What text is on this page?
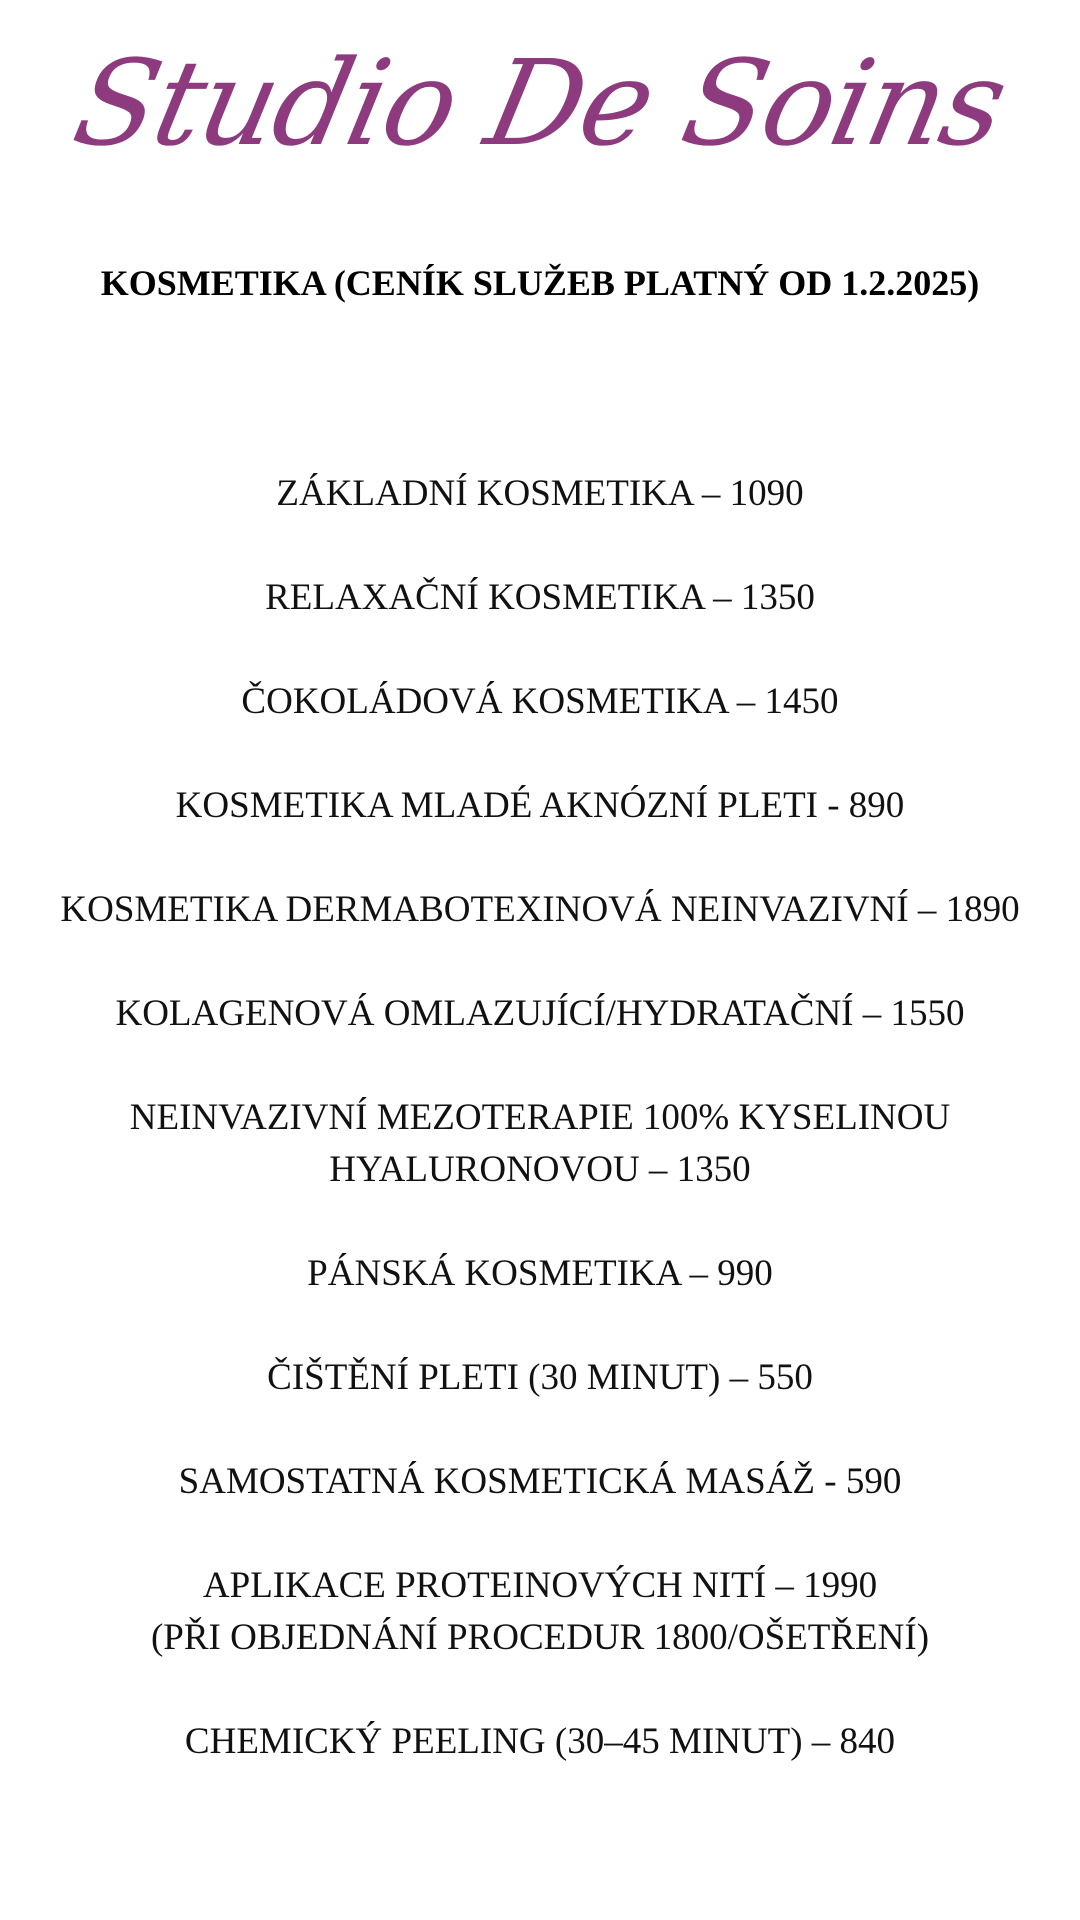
Studio De Soins
KOSMETIKA (CENÍK SLUŽEB PLATNÝ OD 1.2.2025)
ZÁKLADNÍ KOSMETIKA – 1090
RELAXAČNÍ KOSMETIKA – 1350
ČOKOLÁDOVÁ KOSMETIKA – 1450
KOSMETIKA MLADÉ AKNÓZNÍ PLETI - 890
KOSMETIKA DERMABOTEXINOVÁ NEINVAZIVNÍ – 1890
KOLAGENOVÁ OMLAZUJÍCÍ/HYDRATAČNÍ – 1550
NEINVAZIVNÍ MEZOTERAPIE 100% KYSELINOU
HYALURONOVOU – 1350
PÁNSKÁ KOSMETIKA – 990
ČIŠTĚNÍ PLETI (30 MINUT) – 550
SAMOSTATNÁ KOSMETICKÁ MASÁŽ - 590
APLIKACE PROTEINOVÝCH NITÍ – 1990
(PŘI OBJEDNÁNÍ PROCEDUR 1800/OŠETŘENÍ)
CHEMICKÝ PEELING (30–45 MINUT) – 840
